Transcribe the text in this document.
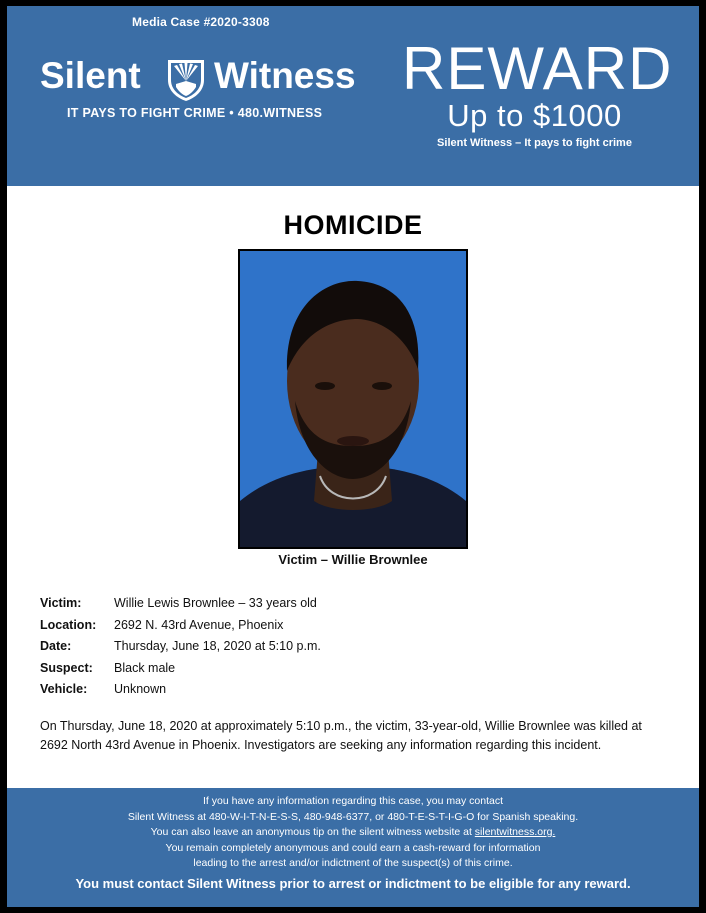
Media Case #2020-3308
Silent Witness
IT PAYS TO FIGHT CRIME • 480.WITNESS
REWARD
Up to $1000
Silent Witness – It pays to fight crime
HOMICIDE
Victim – Willie Brownlee
Victim:	Willie Lewis Brownlee – 33 years old
Location: 2692 N. 43rd Avenue, Phoenix
Date:	Thursday, June 18, 2020 at 5:10 p.m.
Suspect: Black male
Vehicle: Unknown
On Thursday, June 18, 2020 at approximately 5:10 p.m., the victim, 33-year-old, Willie Brownlee was killed at 2692 North 43rd Avenue in Phoenix. Investigators are seeking any information regarding this incident.
If you have any information regarding this case, you may contact
Silent Witness at 480-W-I-T-N-E-S-S, 480-948-6377, or 480-T-E-S-T-I-G-O for Spanish speaking.
You can also leave an anonymous tip on the silent witness website at silentwitness.org.
You remain completely anonymous and could earn a cash-reward for information
leading to the arrest and/or indictment of the suspect(s) of this crime.
You must contact Silent Witness prior to arrest or indictment to be eligible for any reward.
